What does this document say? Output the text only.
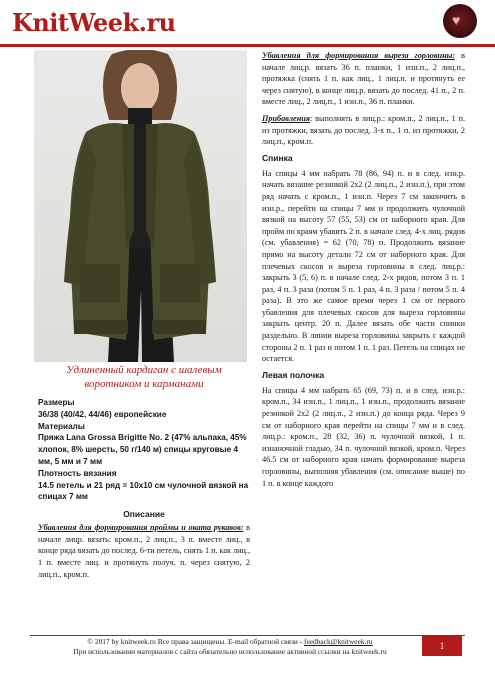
KnitWeek.ru	♥
Удлиненный кардиган с шалевым воротником и карманами
Размеры
36/38 (40/42, 44/46) европейские
Материалы
Пряжа Lana Grossa Brigitte No. 2 (47% альпака, 45% хлопок, 8% шерсть, 50 г/140 м) спицы круговые 4 мм, 5 мм и 7 мм
Плотность вязания
14.5 петель и 21 ряд = 10x10 см чулочной вязкой на спицах 7 мм
Описание
Убавления для формирования проймы и оката рукавов: в начале лицр. вязать: кром.п., 2 лиц.п., 3 п. вместе лиц., в конце ряда вязать до послед. 6-ти петель, снять 1 п. как лиц., 1 п. вместе лиц. и протянуть получ. п. через снятую, 2 лиц.п., кром.п.
Убавления для формирования выреза горловины: в начале лиц.р. вязать 36 п. планки, 1 изн.п., 2 лиц.п., протяжка (снять 1 п. как лиц., 1 лиц.п. и протянуть ее через снятую), в конце лиц.р. вязать до послед. 41 п., 2 п. вместе лиц., 2 лиц.п., 1 изн.п., 36 п. планки.
Прибавления: выполнять в лиц.р.: кром.п., 2 лиц.п., 1 п. из протяжки, вязать до послед. 3-х п., 1 п. из протяжки, 2 лиц.п., кром.п.
Спинка
На спицы 4 мм набрать 78 (86, 94) п. и в след. изн.р. начать вязание резинкой 2x2 (2 лиц.п., 2 изн.п.), при этом ряд начать с кром.п., 1 изн.п. Через 7 см закончить в изн.р., перейти на спицы 7 мм и продолжить чулочной вязкой на высоту 57 (55, 53) см от наборного края. Для пройм по краям убавить 2 п. в начале след. 4-х лиц. рядов (см. убавления) = 62 (70, 78) п. Продолжить вязание прямо на высоту детали 72 см от наборного края. Для плечевых скосов и выреза горловины в след. лиц.р.: закрыть 3 (5, 6) п. в начале след. 2-х рядов, потом 3 п. 1 раз, 4 п. 3 раза (потом 5 п. 1 раз, 4 п. 3 раза / потом 5 п. 4 раза). В это же самое время через 1 см от первого убавления для плечевых скосов для выреза горловины закрыть центр. 20 п. Далее вязать обе части спинки раздельно. В линии выреза горловины закрыть с каждой стороны 2 п. 1 раз и потом 1 п. 1 раз. Петель на спицах не остается.
Левая полочка
На спицы 4 мм набрать 65 (69, 73) п. и в след. изн.р.: кром.п., 34 изн.п., 1 лиц.п., 1 изн.п., продолжить вязание резинкой 2x2 (2 лиц.п., 2 изн.п.) до конца ряда. Через 9 см от наборного края перейти на спицы 7 мм и в след. лиц.р.: кром.п., 28 (32, 36) п. чулочной вязкой, 1 п. изнаночной гладью, 34 п. чулочной вязкой, кром.п. Через 46.5 см от наборного края начать формирование выреза горловины, выполняя убавления (см. описание выше) по 1 п. в конце каждого
© 2017 by knitweek.ru Все права защищены. E-mail обратной связи - feedback@knitweek.ru
При использовании материалов с сайта обязательно использование активной ссылки на knitweek.ru
1
